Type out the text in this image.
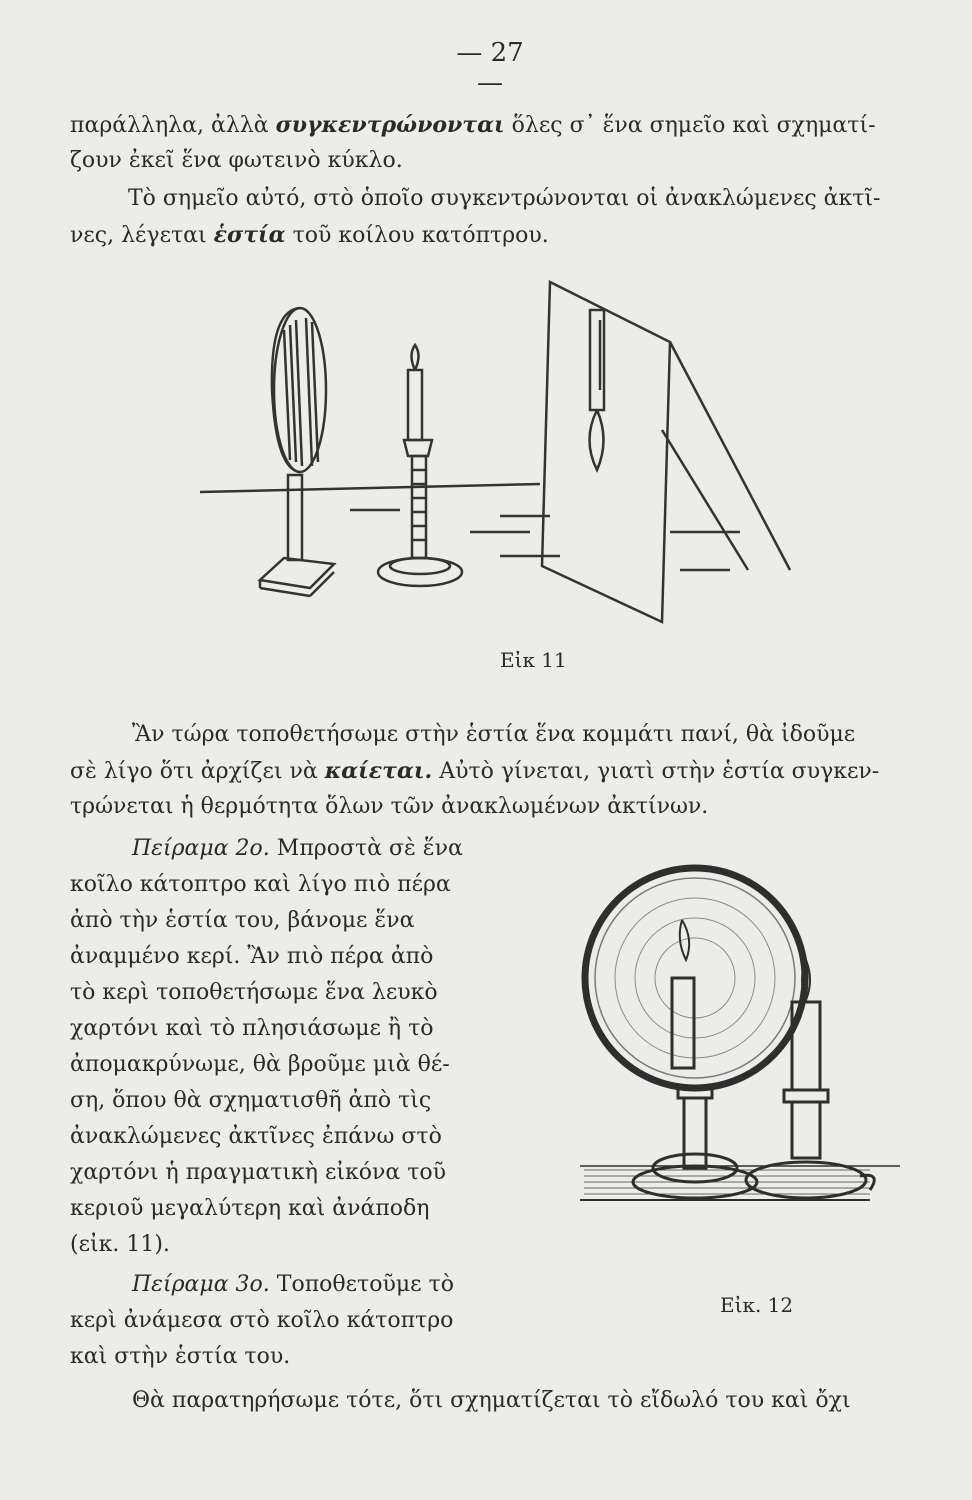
— 27 —
παράλληλα, ἀλλὰ συγκεντρώνονται ὅλες σ᾽ ἕνα σημεῖο καὶ σχηματί-
ζουν ἐκεῖ ἕνα φωτεινὸ κύκλο.
Τὸ σημεῖο αὐτό, στὸ ὁποῖο συγκεντρώνονται οἱ ἀνακλώμενες ἀκτῖ-
νες, λέγεται ἑστία τοῦ κοίλου κατόπτρου.
Εἰκ 11
Ἂν τώρα τοποθετήσωμε στὴν ἑστία ἕνα κομμάτι πανί, θὰ ἰδοῦμε
σὲ λίγο ὅτι ἀρχίζει νὰ καίεται. Αὐτὸ γίνεται, γιατὶ στὴν ἑστία συγκεν-
τρώνεται ἡ θερμότητα ὅλων τῶν ἀνακλωμένων ἀκτίνων.
Πείραμα 2ο. Μπροστὰ σὲ ἕνα
κοῖλο κάτοπτρο καὶ λίγο πιὸ πέρα
ἀπὸ τὴν ἑστία του, βάνομε ἕνα
ἀναμμένο κερί. Ἂν πιὸ πέρα ἀπὸ
τὸ κερὶ τοποθετήσωμε ἕνα λευκὸ
χαρτόνι καὶ τὸ πλησιάσωμε ἢ τὸ
ἀπομακρύνωμε, θὰ βροῦμε μιὰ θέ-
ση, ὅπου θὰ σχηματισθῆ ἀπὸ τὶς
ἀνακλώμενες ἀκτῖνες ἐπάνω στὸ
χαρτόνι ἡ πραγματικὴ εἰκόνα τοῦ
κεριοῦ μεγαλύτερη καὶ ἀνάποδη
(εἰκ. 11).
Πείραμα 3ο. Τοποθετοῦμε τὸ
κερὶ ἀνάμεσα στὸ κοῖλο κάτοπτρο
καὶ στὴν ἑστία του.
Εἰκ. 12
Θὰ παρατηρήσωμε τότε, ὅτι σχηματίζεται τὸ εἴδωλό του καὶ ὄχι
